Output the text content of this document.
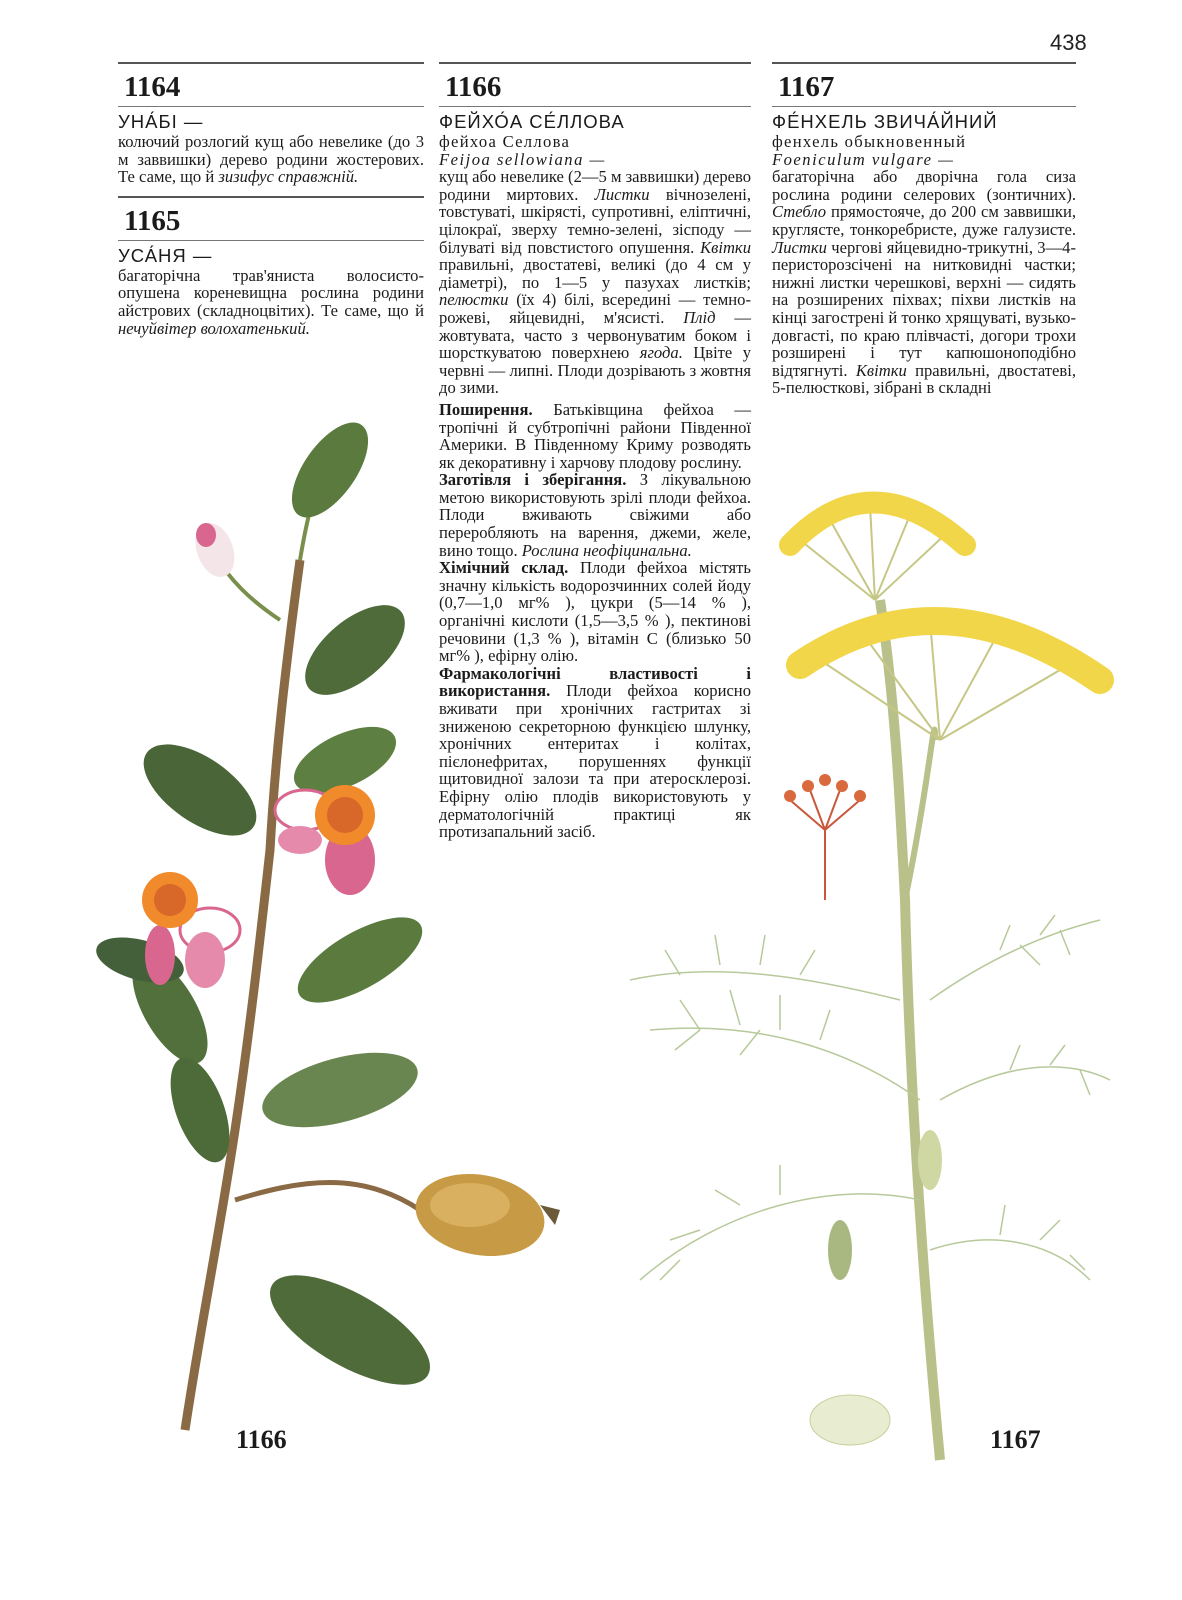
438
1164
УНА́БІ —

колючий розлогий кущ або невелике (до 3 м заввишки) дерево родини жостерових. Те саме, що й зизифус справжній.

1165
УСА́НЯ —

багаторічна трав'яниста волосисто-опушена кореневищна рослина родини айстрових (складноцвітих). Те саме, що й нечуйвітер волохатенький.

1166
ФЕЙХО́А СЕ́ЛЛОВА
фейхоа Селлова
Feijoa sellowiana —

кущ або невелике (2—5 м заввишки) дерево родини миртових. Листки вічнозелені, товстуваті, шкірясті, супротивні, еліптичні, цілокраї, зверху темно-зелені, зісподу — білуваті від повстистого опушення. Квітки правильні, двостатеві, великі (до 4 см у діаметрі), по 1—5 у пазухах листків; пелюстки (їх 4) білі, всередині — темно-рожеві, яйцевидні, м'ясисті. Плід — жовтувата, часто з червонуватим боком і шорсткуватою поверхнею ягода. Цвіте у червні — липні. Плоди дозрівають з жовтня до зими.

Поширення. Батьківщина фейхоа — тропічні й субтропічні райони Південної Америки. В Південному Криму розводять як декоративну і харчову плодову рослину.

Заготівля і зберігання. З лікувальною метою використовують зрілі плоди фейхоа. Плоди вживають свіжими або переробляють на варення, джеми, желе, вино тощо. Рослина неофіцинальна.

Хімічний склад. Плоди фейхоа містять значну кількість водорозчинних солей йоду (0,7—1,0 мг% ), цукри (5—14 % ), органічні кислоти (1,5—3,5 % ), пектинові речовини (1,3 % ), вітамін С (близько 50 мг% ), ефірну олію.

Фармакологічні властивості і використання. Плоди фейхоа корисно вживати при хронічних гастритах зі зниженою секреторною функцією шлунку, хронічних ентеритах і колітах, пієлонефритах, порушеннях функції щитовидної залози та при атеросклерозі. Ефірну олію плодів використовують у дерматологічній практиці як протизапальний засіб.

1167
ФЕ́НХЕЛЬ ЗВИЧА́ЙНИЙ
фенхель обыкновенный
Foeniculum vulgare —

багаторічна або дворічна гола сиза рослина родини селерових (зонтичних). Стебло прямостояче, до 200 см заввишки, круглясте, тонкоребристе, дуже галузисте. Листки чергові яйцевидно-трикутні, 3—4-перисторозсічені на нитковидні частки; нижні листки черешкові, верхні — сидять на розширених піхвах; піхви листків на кінці загострені й тонко хрящуваті, вузько-довгасті, по краю плівчасті, догори трохи розширені і тут капюшоноподібно відтягнуті. Квітки правильні, двостатеві, 5-пелюсткові, зібрані в складні

1166	1167
